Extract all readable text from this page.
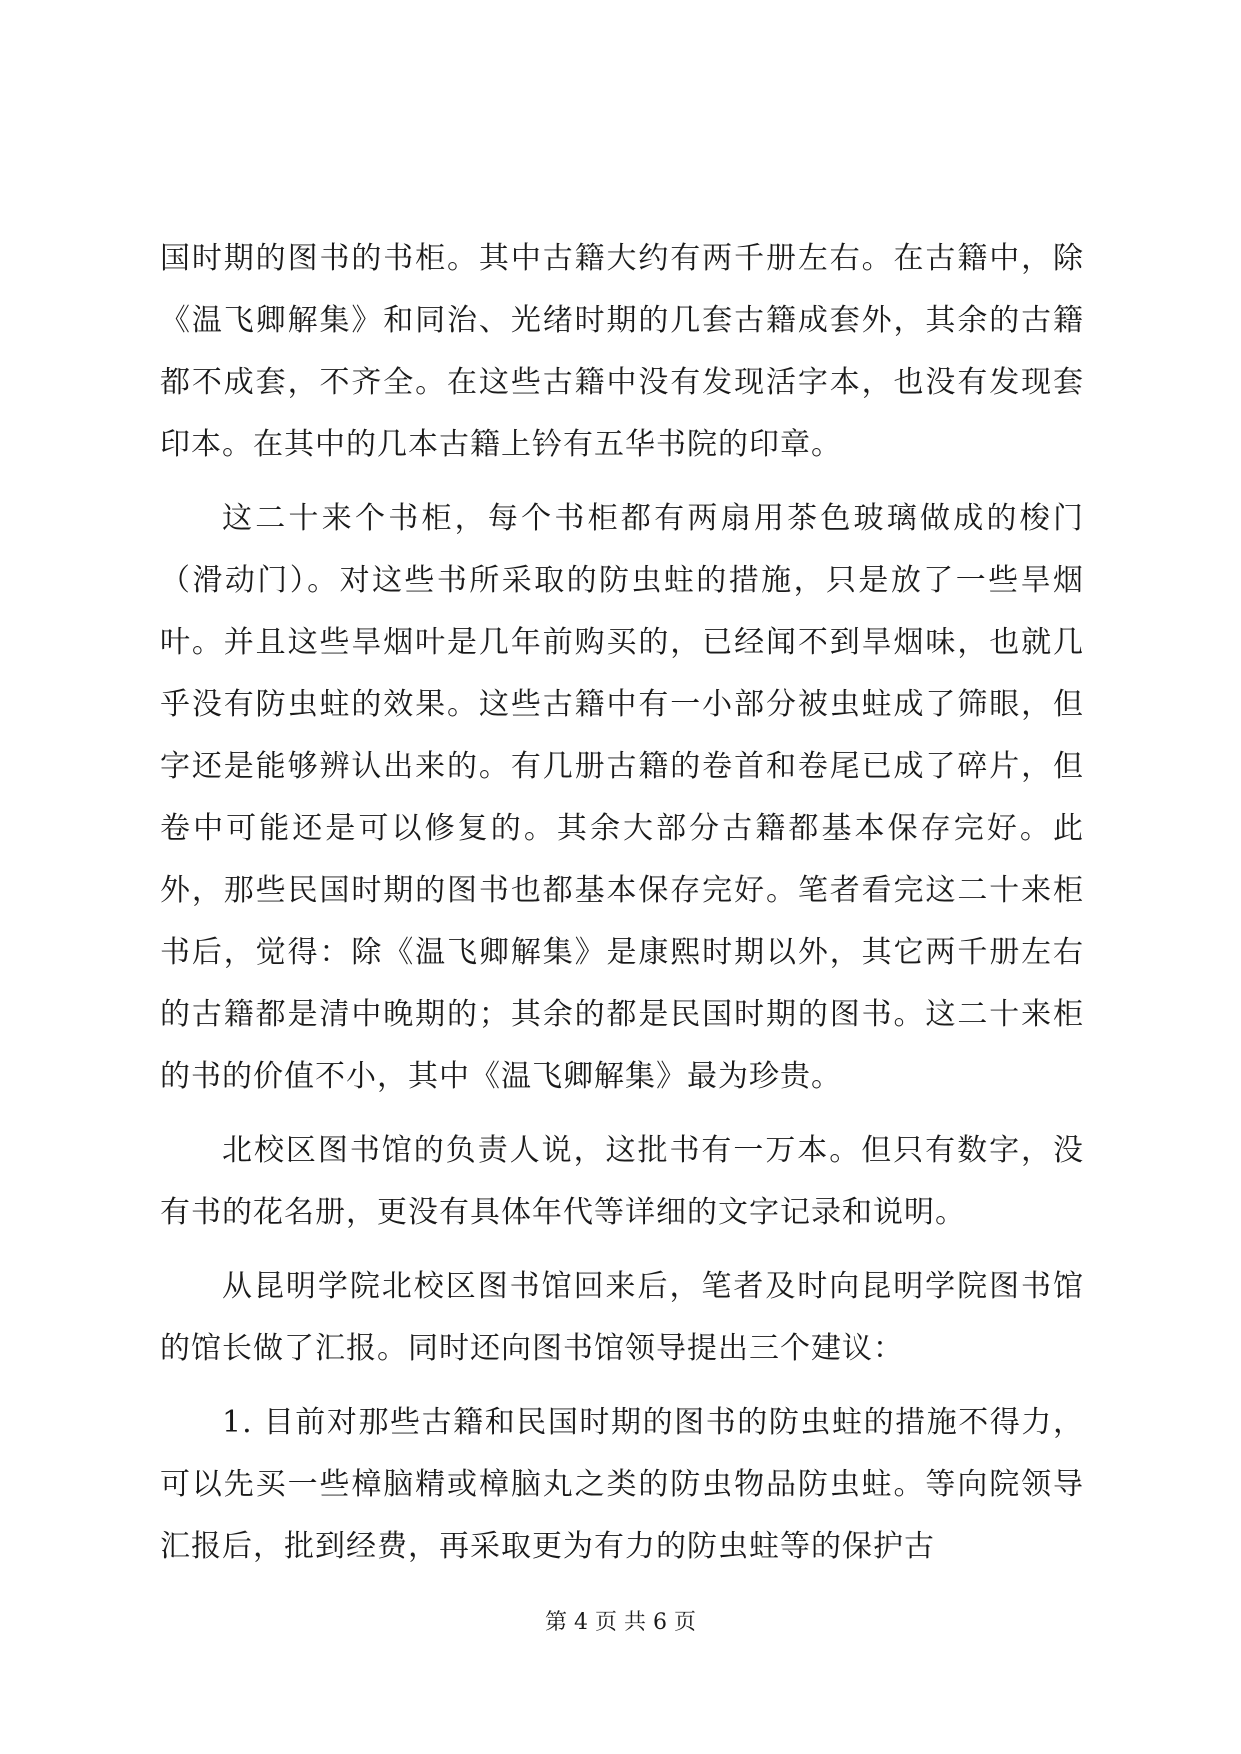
国时期的图书的书柜。其中古籍大约有两千册左右。在古籍中，除《温飞卿解集》和同治、光绪时期的几套古籍成套外，其余的古籍都不成套，不齐全。在这些古籍中没有发现活字本，也没有发现套印本。在其中的几本古籍上钤有五华书院的印章。

这二十来个书柜，每个书柜都有两扇用茶色玻璃做成的梭门（滑动门）。对这些书所采取的防虫蛀的措施，只是放了一些旱烟叶。并且这些旱烟叶是几年前购买的，已经闻不到旱烟味，也就几乎没有防虫蛀的效果。这些古籍中有一小部分被虫蛀成了筛眼，但字还是能够辨认出来的。有几册古籍的卷首和卷尾已成了碎片，但卷中可能还是可以修复的。其余大部分古籍都基本保存完好。此外，那些民国时期的图书也都基本保存完好。笔者看完这二十来柜书后，觉得：除《温飞卿解集》是康熙时期以外，其它两千册左右的古籍都是清中晚期的；其余的都是民国时期的图书。这二十来柜的书的价值不小，其中《温飞卿解集》最为珍贵。

北校区图书馆的负责人说，这批书有一万本。但只有数字，没有书的花名册，更没有具体年代等详细的文字记录和说明。

从昆明学院北校区图书馆回来后，笔者及时向昆明学院图书馆的馆长做了汇报。同时还向图书馆领导提出三个建议：

1. 目前对那些古籍和民国时期的图书的防虫蛀的措施不得力，可以先买一些樟脑精或樟脑丸之类的防虫物品防虫蛀。等向院领导汇报后，批到经费，再采取更为有力的防虫蛀等的保护古

第 4 页 共 6 页
